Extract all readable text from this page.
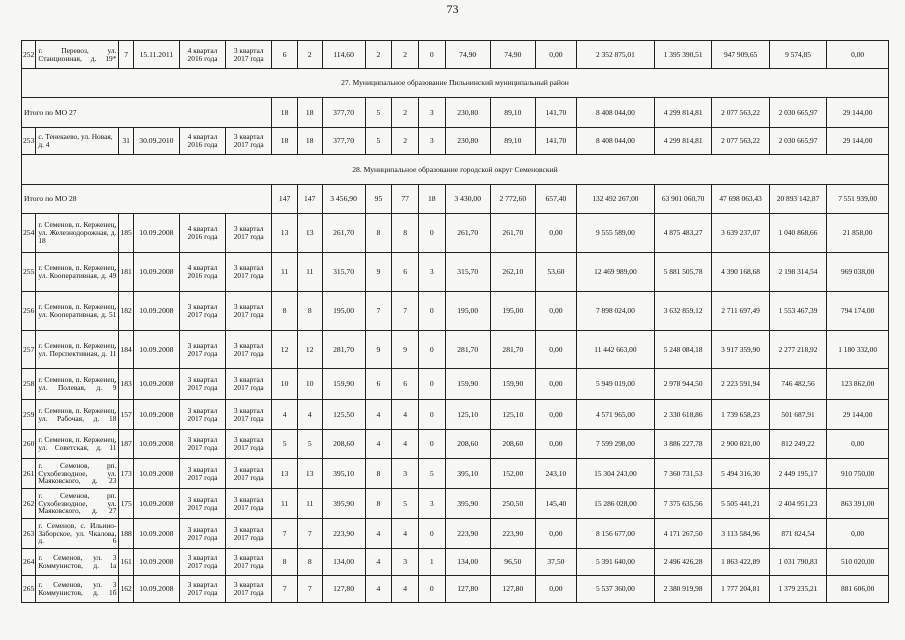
73
252	г. Перевоз, ул. Станционная, д. 19*	7	15.11.2011	4 квартал 2016 года	3 квартал 2017 года	6	2	114,60	2	2	0	74,90	74,90	0,00	2 352 875,01	1 395 390,51	947 909,65	9 574,85	0,00
27. Муниципальное образование Пильнинский муниципальный район																			
Итого по МО 27						18	18	377,70	5	2	3	230,80	89,10	141,70	8 408 044,00	4 299 814,81	2 077 563,22	2 030 665,97	29 144,00
253	с. Тенекаево, ул. Новая, д. 4	31	30.09.2010	4 квартал 2016 года	3 квартал 2017 года	18	18	377,70	5	2	3	230,80	89,10	141,70	8 408 044,00	4 299 814,81	2 077 563,22	2 030 665,97	29 144,00
28. Муниципальное образование городской округ Семеновский																			
Итого по МО 28						147	147	3 456,90	95	77	18	3 430,00	2 772,60	657,40	132 492 267,00	63 901 060,70	47 698 063,43	20 893 142,87	7 551 939,00
254	г. Семенов, п. Керженец, ул. Железнодорожная, д. 18	185	10.09.2008	4 квартал 2016 года	3 квартал 2017 года	13	13	261,70	8	8	0	261,70	261,70	0,00	9 555 589,00	4 875 483,27	3 639 237,07	1 040 868,66	21 858,00
255	г. Семенов, п. Керженец, ул. Кооперативная, д. 49	181	10.09.2008	4 квартал 2016 года	3 квартал 2017 года	11	11	315,70	9	6	3	315,70	262,10	53,60	12 469 989,00	5 881 505,78	4 390 168,68	2 198 314,54	969 038,00
256	г. Семенов, п. Керженец, ул. Кооперативная, д. 51	182	10.09.2008	3 квартал 2017 года	3 квартал 2017 года	8	8	195,00	7	7	0	195,00	195,00	0,00	7 898 024,00	3 632 859,12	2 711 697,49	1 553 467,39	794 174,00
257	г. Семенов, п. Керженец, ул. Перспективная, д. 11	184	10.09.2008	3 квартал 2017 года	3 квартал 2017 года	12	12	281,70	9	9	0	281,70	281,70	0,00	11 442 663,00	5 248 084,18	3 917 359,90	2 277 218,92	1 180 332,00
258	г. Семенов, п. Керженец, ул. Полевая, д. 9	183	10.09.2008	3 квартал 2017 года	3 квартал 2017 года	10	10	159,90	6	6	0	159,90	159,90	0,00	5 949 019,00	2 978 944,50	2 223 591,94	746 482,56	123 862,00
259	г. Семенов, п. Керженец, ул. Рабочая, д. 18	157	10.09.2008	3 квартал 2017 года	3 квартал 2017 года	4	4	125,50	4	4	0	125,10	125,10	0,00	4 571 965,00	2 330 618,86	1 739 658,23	501 687,91	29 144,00
260	г. Семенов, п. Керженец, ул. Советская, д. 11	187	10.09.2008	3 квартал 2017 года	3 квартал 2017 года	5	5	208,60	4	4	0	208,60	208,60	0,00	7 599 298,00	3 886 227,78	2 900 821,00	812 249,22	0,00
261	г. Семенов, рп. Сухобезводное, ул. Маяковского, д. 23	173	10.09.2008	3 квартал 2017 года	3 квартал 2017 года	13	13	395,10	8	3	5	395,10	152,00	243,10	15 304 243,00	7 360 731,53	5 494 316,30	2 449 195,17	910 750,00
262	г. Семенов, рп. Сухобезводное, ул. Маяковского, д. 27	175	10.09.2008	3 квартал 2017 года	3 квартал 2017 года	11	11	395,90	8	5	3	395,90	250,50	145,40	15 286 028,00	7 375 635,56	5 505 441,21	2 404 951,23	863 391,00
263	г. Семенов, с. Ильино-Заборское, ул. Чкалова, д. 6	188	10.09.2008	3 квартал 2017 года	3 квартал 2017 года	7	7	223,90	4	4	0	223,90	223,90	0,00	8 156 677,00	4 171 267,50	3 113 584,96	871 824,54	0,00
264	г. Семенов, ул. 3 Коммунистов, д. 1а	161	10.09.2008	3 квартал 2017 года	3 квартал 2017 года	8	8	134,00	4	3	1	134,00	96,50	37,50	5 391 640,00	2 496 426,28	1 863 422,89	1 031 790,83	510 020,00
265	г. Семенов, ул. 3 Коммунистов, д. 1б	162	10.09.2008	3 квартал 2017 года	3 квартал 2017 года	7	7	127,80	4	4	0	127,80	127,80	0,00	5 537 360,00	2 380 919,98	1 777 204,81	1 379 235,21	881 606,00
